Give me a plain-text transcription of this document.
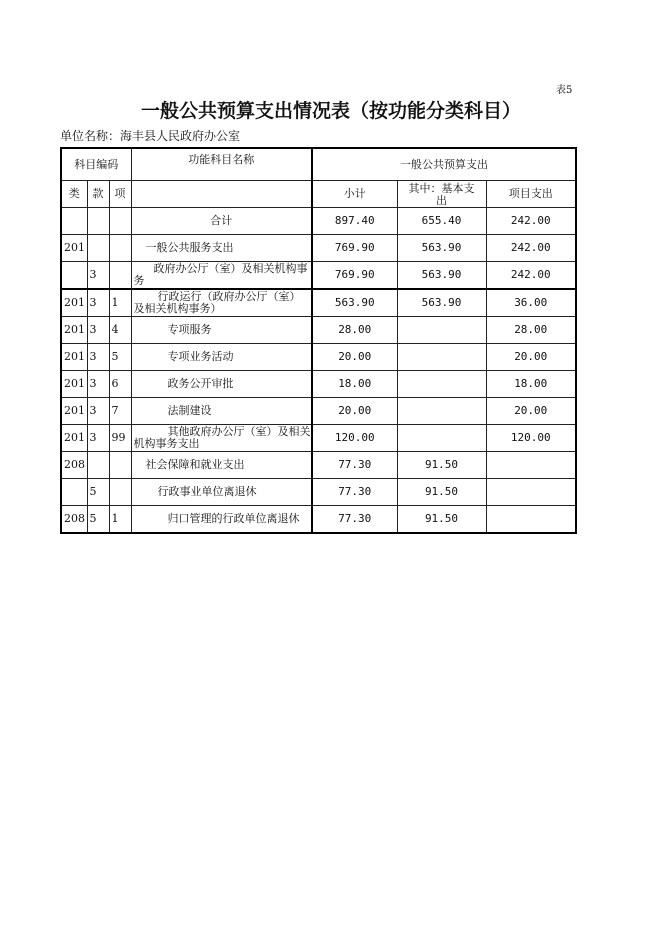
表5
一般公共预算支出情况表（按功能分类科目）
单位名称：海丰县人民政府办公室
科目编码			功能科目名称	一般公共预算支出		
类	款	项		小计	其中：基本支出	项目支出
			合计	897.40	655.40	242.00
201			一般公共服务支出	769.90	563.90	242.00
	3		政府办公厅（室）及相关机构事务	769.90	563.90	242.00
201	3	1	行政运行（政府办公厅（室）及相关机构事务）	563.90	563.90	36.00
201	3	4	专项服务	28.00		28.00
201	3	5	专项业务活动	20.00		20.00
201	3	6	政务公开审批	18.00		18.00
201	3	7	法制建设	20.00		20.00
201	3	99	其他政府办公厅（室）及相关机构事务支出	120.00		120.00
208			社会保障和就业支出	77.30	91.50	
	5		行政事业单位离退休	77.30	91.50	
208	5	1	归口管理的行政单位离退休	77.30	91.50	
